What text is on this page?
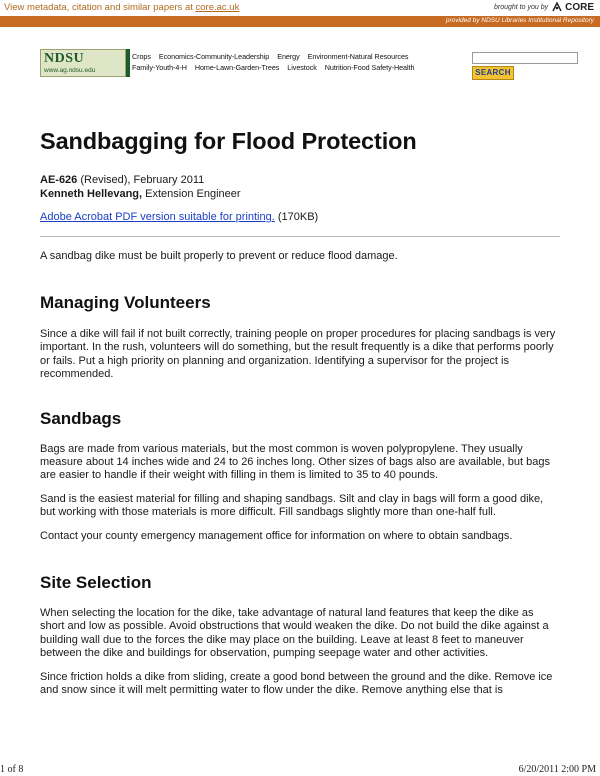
View metadata, citation and similar papers at core.ac.uk	brought to you by CORE
provided by NDSU Libraries Institutional Repository
NDSU
www.ag.ndsu.edu
Crops Economics-Community-Leadership Energy Environment-Natural Resources
Family-Youth-4-H Home-Lawn-Garden-Trees Livestock Nutrition-Food Safety-Health
SEARCH
Sandbagging for Flood Protection
AE-626 (Revised), February 2011
Kenneth Hellevang, Extension Engineer
Adobe Acrobat PDF version suitable for printing. (170KB)

A sandbag dike must be built properly to prevent or reduce flood damage.

Managing Volunteers

Since a dike will fail if not built correctly, training people on proper procedures for placing sandbags is very important. In the rush, volunteers will do something, but the result frequently is a dike that performs poorly or fails. Put a high priority on planning and organization. Identifying a supervisor for the project is recommended.

Sandbags

Bags are made from various materials, but the most common is woven polypropylene. They usually measure about 14 inches wide and 24 to 26 inches long. Other sizes of bags also are available, but bags are easier to handle if their weight with filling in them is limited to 35 to 40 pounds.

Sand is the easiest material for filling and shaping sandbags. Silt and clay in bags will form a good dike, but working with those materials is more difficult. Fill sandbags slightly more than one-half full.

Contact your county emergency management office for information on where to obtain sandbags.

Site Selection

When selecting the location for the dike, take advantage of natural land features that keep the dike as short and low as possible. Avoid obstructions that would weaken the dike. Do not build the dike against a building wall due to the forces the dike may place on the building. Leave at least 8 feet to maneuver between the dike and buildings for observation, pumping seepage water and other activities.

Since friction holds a dike from sliding, create a good bond between the ground and the dike. Remove ice and snow since it will melt permitting water to flow under the dike. Remove anything else that is

1 of 8	6/20/2011 2:00 PM
